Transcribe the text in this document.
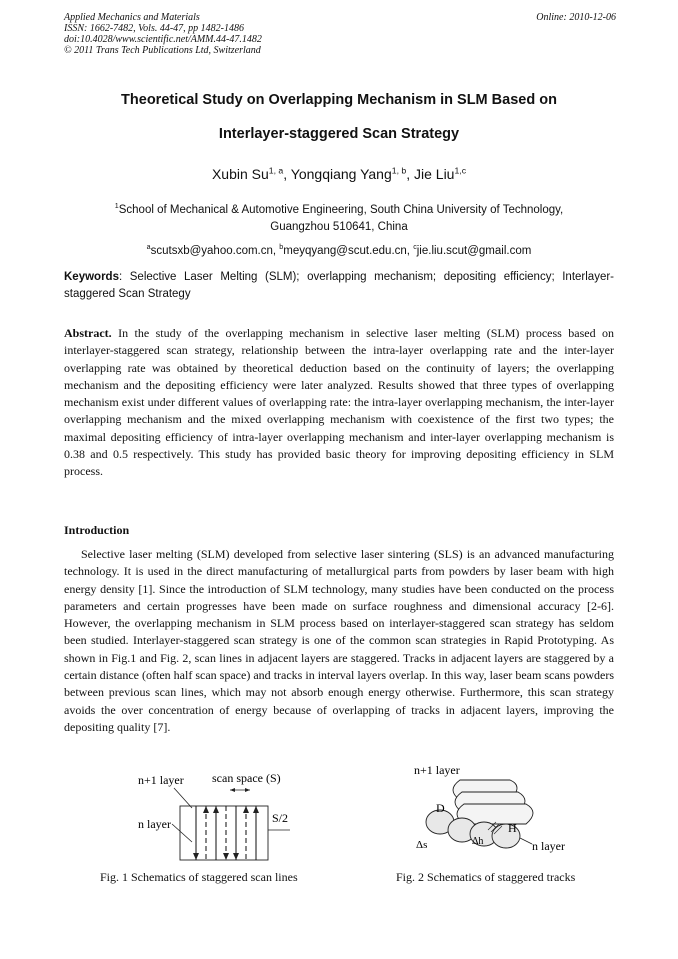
Applied Mechanics and Materials
ISSN: 1662-7482, Vols. 44-47, pp 1482-1486
doi:10.4028/www.scientific.net/AMM.44-47.1482
© 2011 Trans Tech Publications Ltd, Switzerland
Online: 2010-12-06
Theoretical Study on Overlapping Mechanism in SLM Based on
Interlayer-staggered Scan Strategy
Xubin Su$^{1, a}$, Yongqiang Yang$^{1, b}$, Jie Liu$^{1,c}$
$^1$School of Mechanical & Automotive Engineering, South China University of Technology,
Guangzhou 510641, China
$^a$scutsxb@yahoo.com.cn, $^b$meyqyang@scut.edu.cn, $^c$jie.liu.scut@gmail.com
Keywords: Selective Laser Melting (SLM); overlapping mechanism; depositing efficiency; Interlayer-staggered Scan Strategy
Abstract. In the study of the overlapping mechanism in selective laser melting (SLM) process based on interlayer-staggered scan strategy, relationship between the intra-layer overlapping rate and the inter-layer overlapping rate was obtained by theoretical deduction based on the continuity of layers; the overlapping mechanism and the depositing efficiency were later analyzed. Results showed that three types of overlapping mechanism exist under different values of overlapping rate: the intra-layer overlapping mechanism, the inter-layer overlapping mechanism and the mixed overlapping mechanism with coexistence of the first two types; the maximal depositing efficiency of intra-layer overlapping mechanism and inter-layer overlapping mechanism is 0.38 and 0.5 respectively. This study has provided basic theory for improving depositing efficiency in SLM process.
Introduction
Selective laser melting (SLM) developed from selective laser sintering (SLS) is an advanced manufacturing technology. It is used in the direct manufacturing of metallurgical parts from powders by laser beam with high energy density [1]. Since the introduction of SLM technology, many studies have been conducted on the process parameters and certain progresses have been made on surface roughness and dimensional accuracy [2-6]. However, the overlapping mechanism in SLM process based on interlayer-staggered scan strategy has seldom been studied. Interlayer-staggered scan strategy is one of the common scan strategies in Rapid Prototyping. As shown in Fig.1 and Fig. 2, scan lines in adjacent layers are staggered. Tracks in adjacent layers are staggered by a certain distance (often half scan space) and tracks in interval layers overlap. In this way, laser beam scans powders between previous scan lines, which may not absorb enough energy otherwise. Furthermore, this scan strategy avoids the over concentration of energy because of overlapping of tracks in adjacent layers, improving the depositing quality [7].
n+1 layer scan space (S)
n layer	S/2
Fig. 1 Schematics of staggered scan lines
n+1 layer
D
H
Δs	Δh	n layer
Fig. 2 Schematics of staggered tracks
